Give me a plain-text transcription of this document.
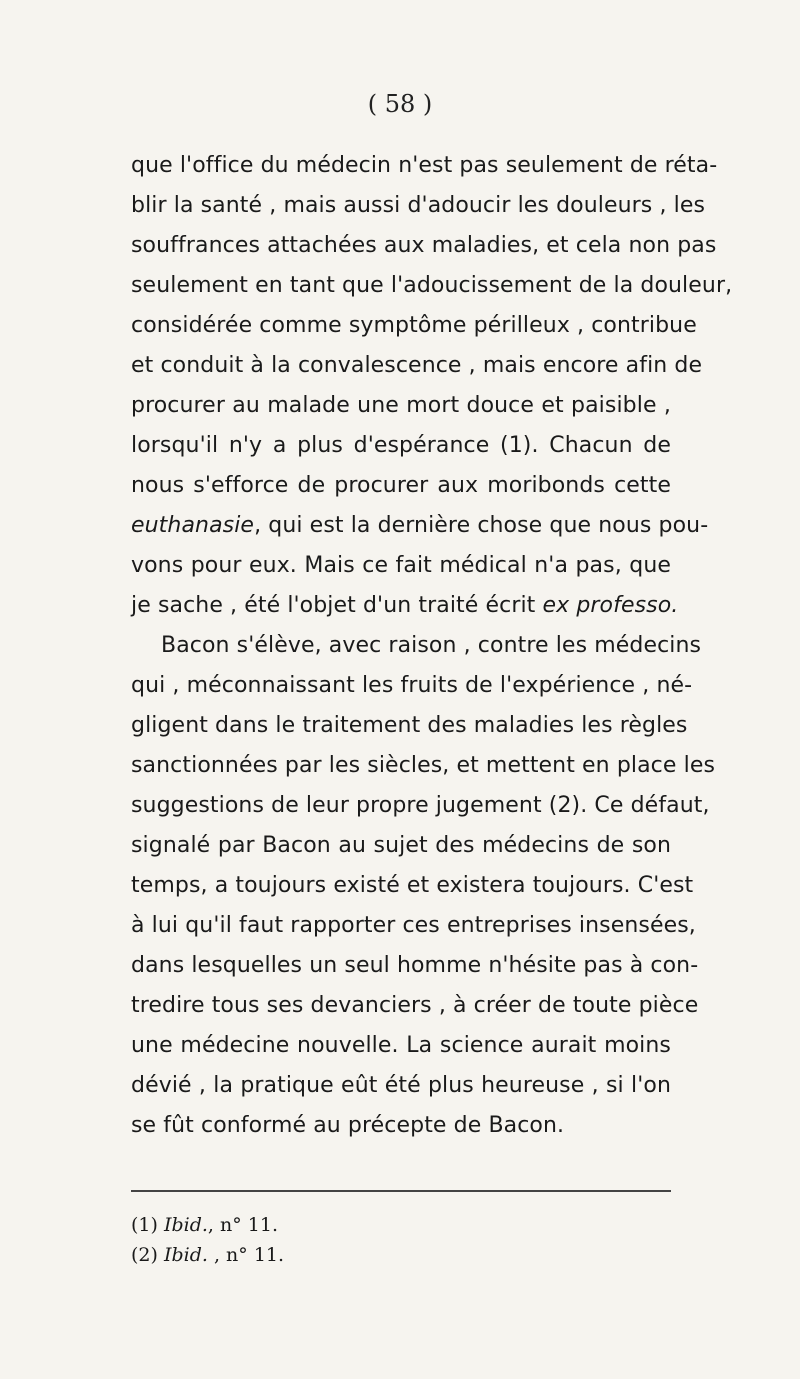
( 58 )
que l'office du médecin n'est pas seulement de réta-
blir la santé , mais aussi d'adoucir les douleurs , les
souffrances attachées aux maladies, et cela non pas
seulement en tant que l'adoucissement de la douleur,
considérée comme symptôme périlleux , contribue
et conduit à la convalescence , mais encore afin de
procurer au malade une mort douce et paisible ,
lorsqu'il n'y a plus d'espérance (1). Chacun de
nous s'efforce de procurer aux moribonds cette
euthanasie, qui est la dernière chose que nous pou-
vons pour eux. Mais ce fait médical n'a pas, que
je sache , été l'objet d'un traité écrit ex professo.
Bacon s'élève, avec raison , contre les médecins
qui , méconnaissant les fruits de l'expérience , né-
gligent dans le traitement des maladies les règles
sanctionnées par les siècles, et mettent en place les
suggestions de leur propre jugement (2). Ce défaut,
signalé par Bacon au sujet des médecins de son
temps, a toujours existé et existera toujours. C'est
à lui qu'il faut rapporter ces entreprises insensées,
dans lesquelles un seul homme n'hésite pas à con-
tredire tous ses devanciers , à créer de toute pièce
une médecine nouvelle. La science aurait moins
dévié , la pratique eût été plus heureuse , si l'on
se fût conformé au précepte de Bacon.
(1) Ibid., n° 11.
(2) Ibid. , n° 11.
